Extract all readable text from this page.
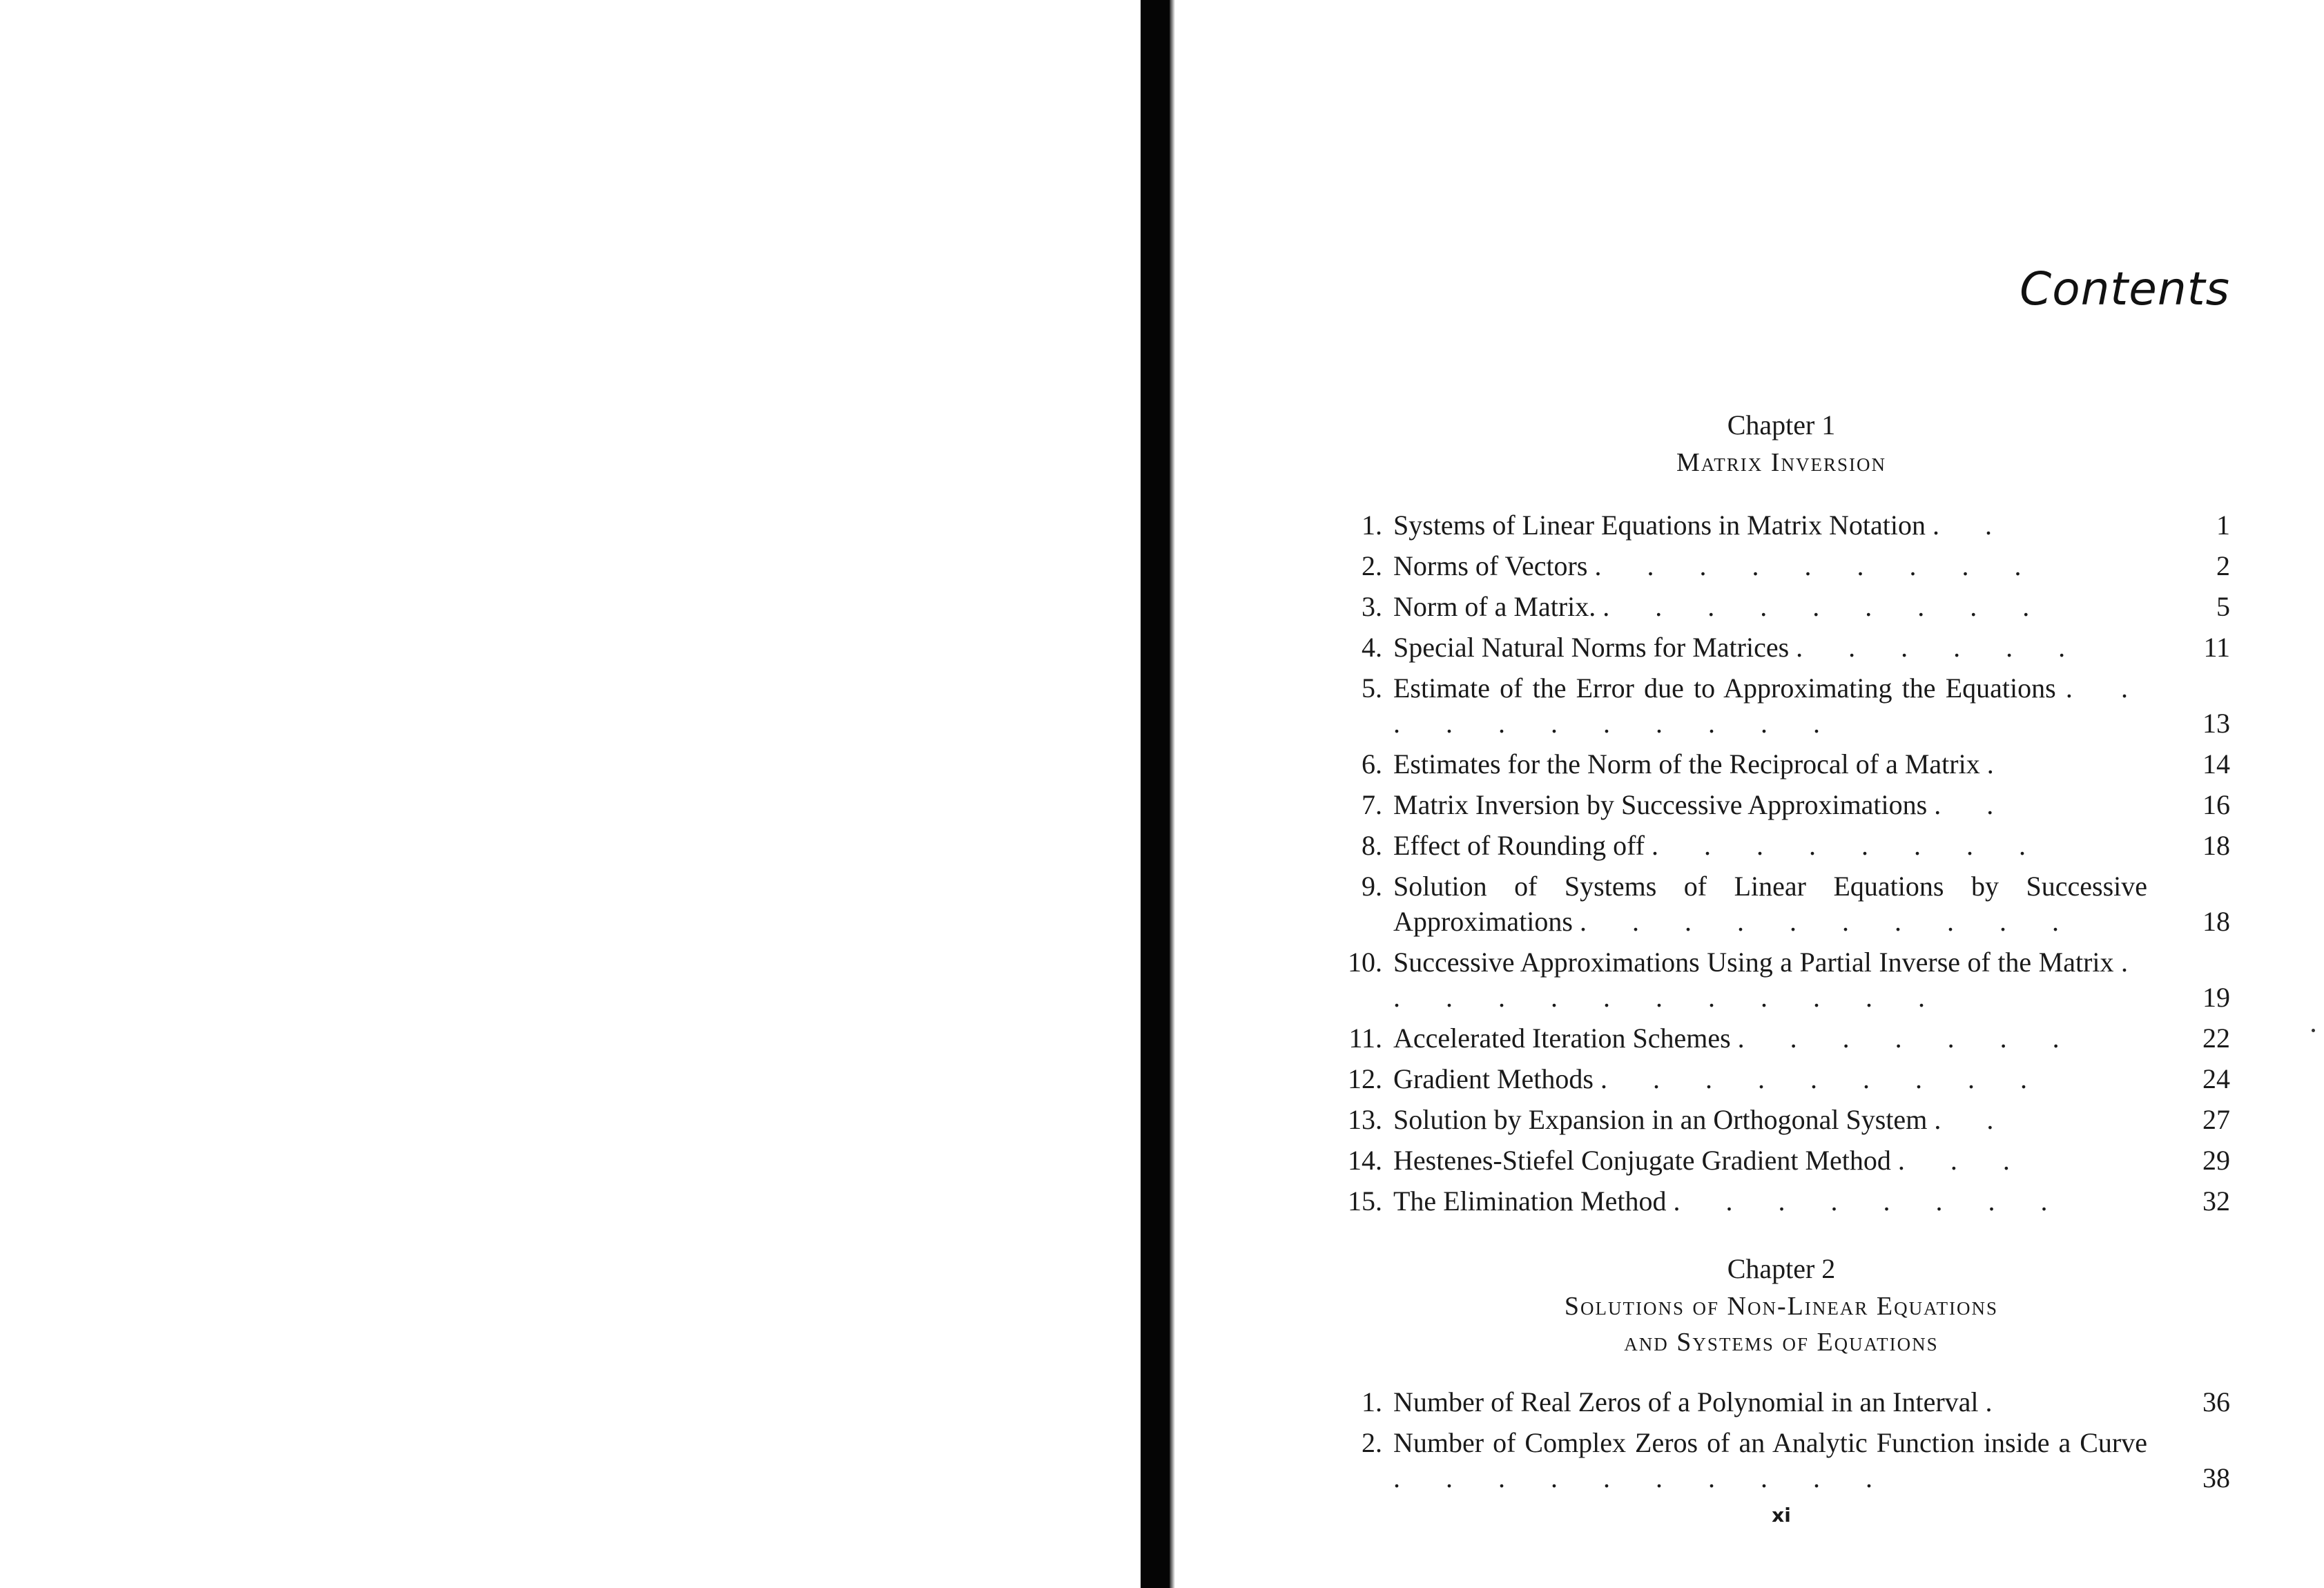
Contents
Chapter 1
Matrix Inversion
1. Systems of Linear Equations in Matrix Notation . .	1
2. Norms of Vectors . . . . . . . . .	2
3. Norm of a Matrix. . . . . . . . . .	5
4. Special Natural Norms for Matrices . . . . . .	11
5. Estimate of the Error due to Approximating the Equations . . . . . . . . . . .	13
6. Estimates for the Norm of the Reciprocal of a Matrix .	14
7. Matrix Inversion by Successive Approximations . .	16
8. Effect of Rounding off . . . . . . . .	18
9. Solution of Systems of Linear Equations by Successive Approximations . . . . . . . . . .	18
10. Successive Approximations Using a Partial Inverse of the Matrix . . . . . . . . . . . .	19
11. Accelerated Iteration Schemes . . . . . . .	22
12. Gradient Methods . . . . . . . . .	24
13. Solution by Expansion in an Orthogonal System . .	27
14. Hestenes-Stiefel Conjugate Gradient Method . . .	29
15. The Elimination Method . . . . . . . .	32
Chapter 2
Solutions of Non-Linear Equations
and Systems of Equations
1. Number of Real Zeros of a Polynomial in an Interval .	36
2. Number of Complex Zeros of an Analytic Function inside a Curve . . . . . . . . . .	38
xi
